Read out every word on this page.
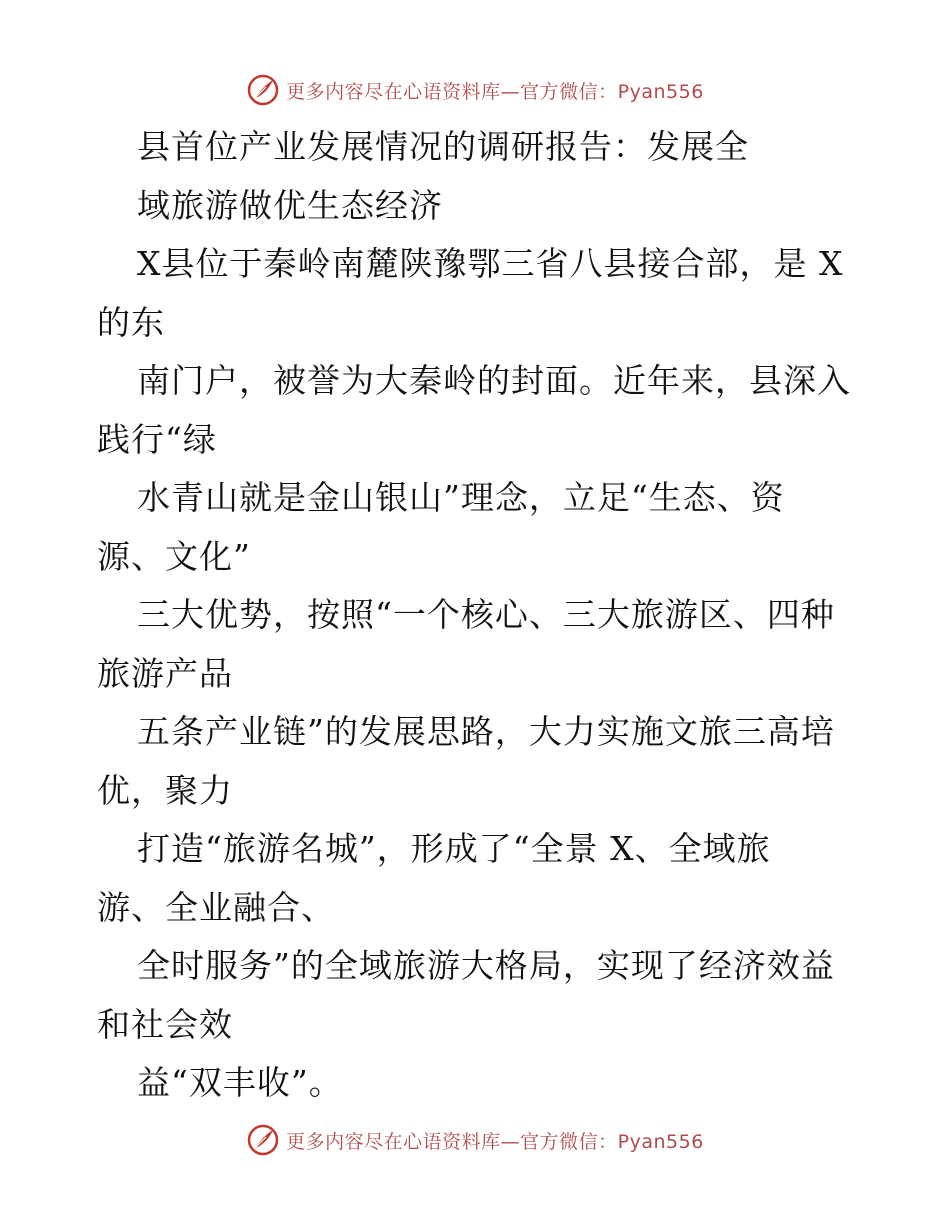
更多内容尽在心语资料库—官方微信：Pyan556
县首位产业发展情况的调研报告：发展全
域旅游做优生态经济
X县位于秦岭南麓陕豫鄂三省八县接合部，是 X
的东
南门户，被誉为大秦岭的封面。近年来，县深入
践行“绿
水青山就是金山银山”理念，立足“生态、资
源、文化”
三大优势，按照“一个核心、三大旅游区、四种
旅游产品
五条产业链”的发展思路，大力实施文旅三高培
优，聚力
打造“旅游名城”，形成了“全景 X、全域旅
游、全业融合、
全时服务”的全域旅游大格局，实现了经济效益
和社会效
益“双丰收”。
更多内容尽在心语资料库—官方微信：Pyan556
